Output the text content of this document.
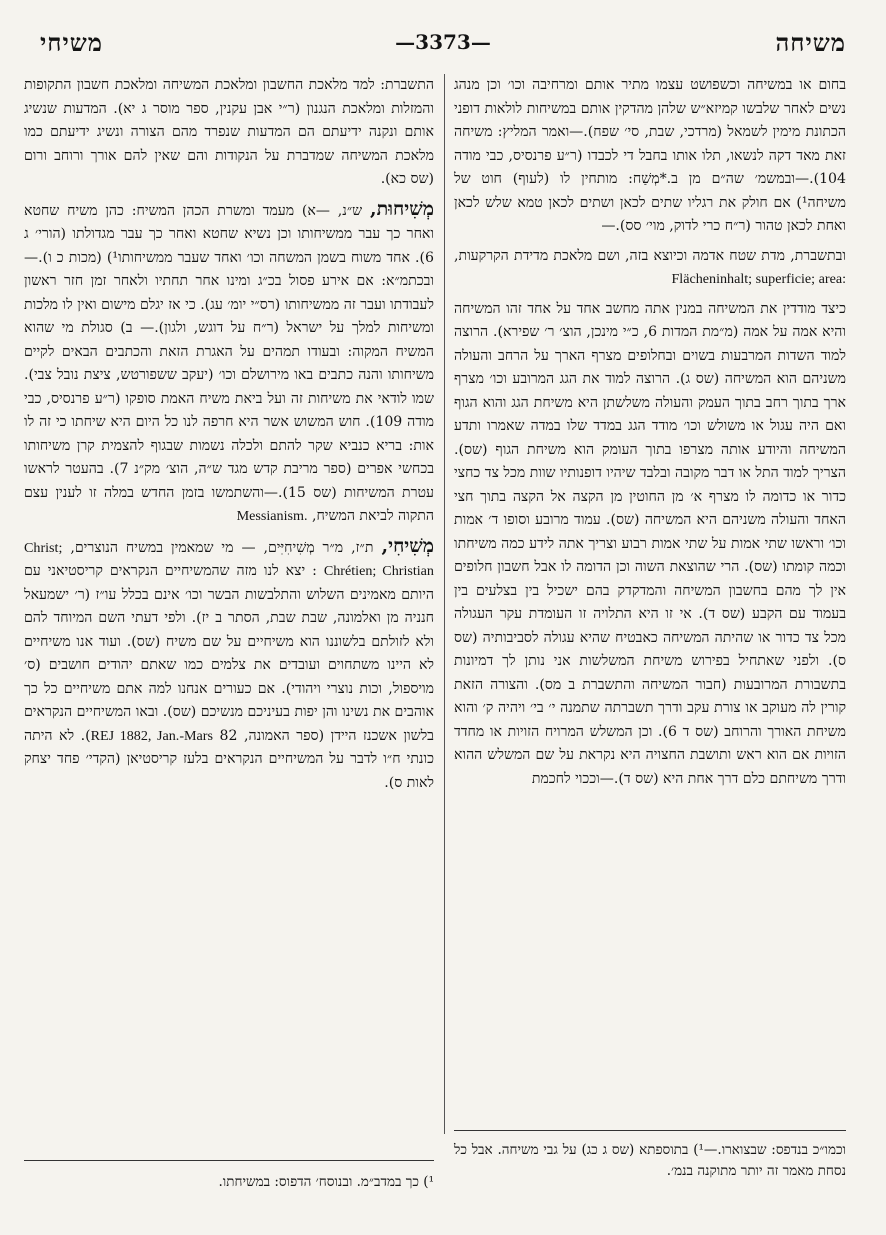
משיחה
—3373—
משיחי

בחום או במשיחה וכשפושט עצמו מתיר אותם ומרחיבה וכו׳ וכן מנהג נשים לאחר שלבשו קמיזא״ש שלהן מהדקין אותם במשיחות לולאות דופני הכתונת מימין לשמאל (מרדכי, שבת, סי׳ שפח).—ואמר המליץ: משיחה זאת מאד דקה לנשאו, תלו אותו בחבל די לכבדו (ר״ע פרנסיס, כבי מודה 104).—ובמשמ׳ שה״ם מן ב.*מְשַׁח: מותחין לו (לעוף) חוט של משיחה¹) אם חולק את רגליו שתים לכאן ושתים לכאן טמא שלש לכאן ואחת לכאן טהור (ר״ח כרי לדוק, מוי׳ סס).—

ובתשברת, מדת שטח אדמה וכיוצא בזה, ושם מלאכת מדידת הקרקעות, Flächeninhalt; superficie; area:

כיצד מודדין את המשיחה במנין אתה מחשב אחד על אחד זהו המשיחה והיא אמה על אמה (מ״מת המדות 6, כ״י מינכן, הוצ׳ ר׳ שפירא). הרוצה למוד השדות המרבעות בשוים ובחלופים מצרף הארך על הרחב והעולה משניהם הוא המשיחה (שס ג). הרוצה למוד את הגג המרובע וכו׳ מצרף ארך בתוך רחב בתוך העמק והעולה משלשתן היא משיחת הגג והוא הגוף ואם היה עגול או משולש וכו׳ מודד הגג במדד שלו במדה שאמרו ותדע המשיחה והיודע אותה מצרפו בתוך העומק הוא משיחת הגוף (שס). הצריך למוד התל או דבר מקובה ובלבד שיהיו דופנותיו שוות מכל צד כחצי כדור או כדומה לו מצרף א׳ מן החוטין מן הקצה אל הקצה בתוך חצי האחד והעולה משניהם היא המשיחה (שס). עמוד מרובע וסופו ד׳ אמות וכו׳ וראשו שתי אמות על שתי אמות רבוע וצריך אתה לידע כמה משיחתו וכמה קומתו (שס). הרי שהוצאת השוה וכן הדומה לו אבל חשבון חלופים אין לך מהם בחשבון המשיחה והמדקדק בהם ישכיל בין בצלעים בין בעמוד עם הקבע (שס ד). אי זו היא התלויה זו העומדת עקר העגולה מכל צד כדור או שהיתה המשיחה כאבטיח שהיא עגולה לסביבותיה (שס ס). ולפני שאתחיל בפירוש משיחת המשלשות אני נותן לך דמיונות בתשבורת המרובעות (חבור המשיחה והתשברת ב מס). והצורה הזאת קורין לה מעוקב או צורת עקב ודרך תשברתה שתמנה י׳ בי׳ ויהיה ק׳ והוא משיחת האורך והרוחב (שס ד 6). וכן המשלש המרויח הזויות או מחדד הזויות אם הוא ראש ותושבת החצויה היא נקראת על שם המשלש ההוא ודרך משיחתם כלם דרך אחת היא (שס ד).—וככוי לחכמת

התשברת: למד מלאכת החשבון ומלאכת המשיחה ומלאכת חשבון התקופות והמזלות ומלאכת הנגנון (ר״י אבן עקנין, ספר מוסר ג יא). המדעות שנשיג אותם ונקנה ידיעתם הם המדעות שנפרד מהם הצורה ונשיג ידיעתם כמו מלאכת המשיחה שמדברת על הנקודות והם שאין להם אורך ורוחב ורום (שס כא).

מְשִׁיחוּת, ש״נ, —א) מעמד ומשרת הכהן המשיח: כהן משיח שחטא ואחר כך עבר ממשיחותו וכן נשיא שחטא ואחר כך עבר מגדולתו (הורי׳ ג 6). אחד משוח בשמן המשחה וכו׳ ואחד שעבר ממשיחותו¹) (מכות כ ו).— ובכתמ״א: אם אירע פסול בכ״ג ומינו אחר תחתיו ולאחר זמן חזר ראשון לעבודתו ועבר זה ממשיחותו (רס״י יומ׳ עג). כי אז יגלם מישום ואין לו מלכות ומשיחות למלך על ישראל (ר״ח על דוגש, ולגון).— ב) סגולת מי שהוא המשיח המקוה: ובעודו תמהים על האגרת הזאת והכתבים הבאים לקיים משיחותו והנה כתבים באו מירושלם וכו׳ (יעקב ששפורטש, ציצת נובל צבי). שמו לודאי את משיחות זה ועל ביאת משיח האמת סופקו (ר״ע פרנסיס, כבי מודה 109). חוש המשוש אשר היא חרפה לנו כל היום היא שיחתו כי זה לו אות: בריא כנביא שקר להתם ולכלה נשמות שבגוף להצמית קרן משיחותו בכחשי אפרים (ספר מריבת קדש מגד ש״ה, הוצ׳ מק״נ 7). בהעטר לראשו עטרת המשיחות (שס 15).—והשתמשו בזמן החדש במלה זו לענין עצם התקוה לביאת המשיח, Messianism.

מְשִׁיחִי, ת״ז, מ״ר מְשִׁיחִיִּים, — מי שמאמין במשיח הנוצרים, Christ; Chrétien; Christian : יצא לנו מזה שהמשיחיים הנקראים קריסטיאני עם היותם מאמינים השלוש והתלבשות הבשר וכו׳ אינם בכלל עו״ז (ר׳ ישמעאל חנניה מן ואלמונה, שבת שבת, הסתר ב יז). ולפי דעתי השם המיוחד להם ולא לזולתם בלשוננו הוא משיחיים על שם משיח (שס). ועוד אנו משיחיים לא היינו משתחוים ועובדים את צלמים כמו שאתם יהודים חושבים (ס׳ מויספול, וכות נוצרי ויהודי). אם כעורים אנחנו למה אתם משיחיים כל כך אוהבים את נשינו והן יפות בעיניכם מנשיכם (שס). ובאו המשיחיים הנקראים בלשון אשכנז היידן (ספר האמונה, REJ 1882, Jan.-Mars 82). לא היתה כונתי ח״ו לדבר על המשיחיים הנקראים בלעז קריסטיאן (הקדי׳ פחד יצחק לאות ס).

וכמו״כ בנדפס: שבצוארו.—¹) בתוספתא (שס ג כג) על גבי משיחה. אבל כל נסחת מאמר זה יותר מתוקנה בנמ׳.
¹) כך במדב״מ. ובנוסח׳ הדפוס: במשיחתו.
